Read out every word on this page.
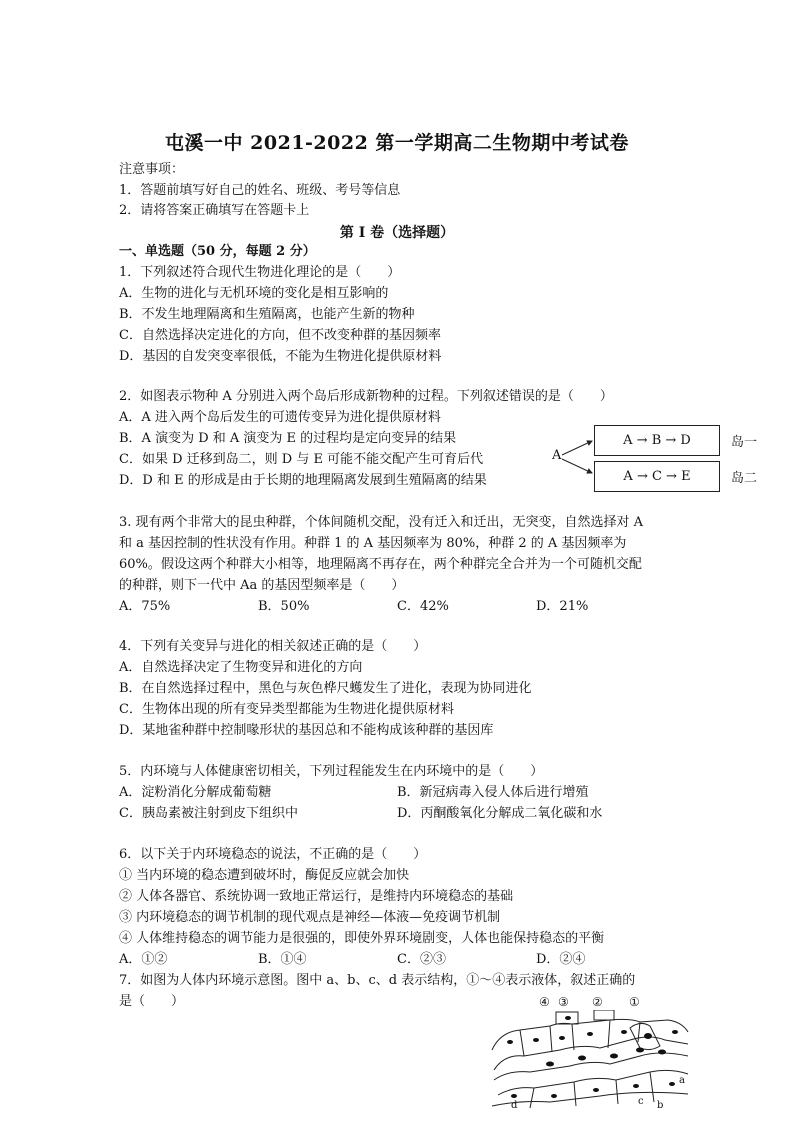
屯溪一中 2021-2022 第一学期高二生物期中考试卷
注意事项：
1．答题前填写好自己的姓名、班级、考号等信息
2．请将答案正确填写在答题卡上
第 I 卷（选择题）
一、单选题（50 分，每题 2 分）
1．下列叙述符合现代生物进化理论的是（　　）
A．生物的进化与无机环境的变化是相互影响的
B．不发生地理隔离和生殖隔离，也能产生新的物种
C．自然选择决定进化的方向，但不改变种群的基因频率
D．基因的自发突变率很低，不能为生物进化提供原材料
2．如图表示物种 A 分别进入两个岛后形成新物种的过程。下列叙述错误的是（　　）
A．A 进入两个岛后发生的可遗传变异为进化提供原材料
B．A 演变为 D 和 A 演变为 E 的过程均是定向变异的结果
C．如果 D 迁移到岛二，则 D 与 E 可能不能交配产生可育后代
D．D 和 E 的形成是由于长期的地理隔离发展到生殖隔离的结果
A
A → B → D
A → C → E
岛一
岛二
3. 现有两个非常大的昆虫种群，个体间随机交配，没有迁入和迁出，无突变，自然选择对 A
和 a 基因控制的性状没有作用。种群 1 的 A 基因频率为 80%，种群 2 的 A 基因频率为
60%。假设这两个种群大小相等，地理隔离不再存在，两个种群完全合并为一个可随机交配
的种群，则下一代中 Aa 的基因型频率是（　　）
A．75%	B．50%	C．42%	D．21%
4．下列有关变异与进化的相关叙述正确的是（　　）
A．自然选择决定了生物变异和进化的方向
B．在自然选择过程中，黑色与灰色桦尺蠖发生了进化，表现为协同进化
C．生物体出现的所有变异类型都能为生物进化提供原材料
D．某地雀种群中控制喙形状的基因总和不能构成该种群的基因库
5．内环境与人体健康密切相关，下列过程能发生在内环境中的是（　　）
A．淀粉消化分解成葡萄糖	B．新冠病毒入侵人体后进行增殖
C．胰岛素被注射到皮下组织中	D．丙酮酸氧化分解成二氧化碳和水
6．以下关于内环境稳态的说法，不正确的是（　　）
① 当内环境的稳态遭到破坏时，酶促反应就会加快
② 人体各器官、系统协调一致地正常运行，是维持内环境稳态的基础
③ 内环境稳态的调节机制的现代观点是神经—体液—免疫调节机制
④ 人体维持稳态的调节能力是很强的，即使外界环境剧变，人体也能保持稳态的平衡
A．①②	B．①④	C．②③	D．②④
7．如图为人体内环境示意图。图中 a、b、c、d 表示结构，①～④表示液体，叙述正确的
是（　　）	④ ③ ② ①
a
b
c
d
